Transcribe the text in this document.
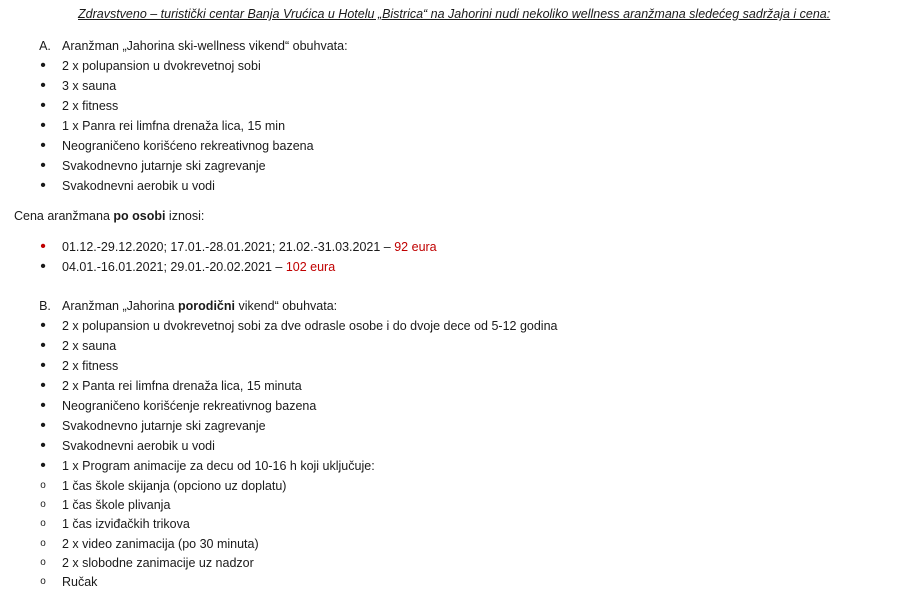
Zdravstveno – turistički centar Banja Vrućica u Hotelu „Bistrica“ na Jahorini nudi nekoliko wellness aranžmana sledećeg sadržaja i cena:
A. Aranžman „Jahorina ski-wellness vikend“ obuhvata:
•	2 x polupansion u dvokrevetnoj sobi
•	3 x sauna
•	2 x fitness
•	1 x Panra rei limfna drenaža lica, 15 min
•	Neograničeno korišćeno rekreativnog bazena
•	Svakodnevno jutarnje ski zagrevanje
•	Svakodnevni aerobik u vodi
Cena aranžmana po osobi iznosi:
•	01.12.-29.12.2020; 17.01.-28.01.2021; 21.02.-31.03.2021 – 92 eura
•	04.01.-16.01.2021; 29.01.-20.02.2021 – 102 eura
B. Aranžman „Jahorina porodični vikend“ obuhvata:
•	2 x polupansion u dvokrevetnoj sobi za dve odrasle osobe i do dvoje dece od 5-12 godina
•	2 x sauna
•	2 x fitness
•	2 x Panta rei limfna drenaža lica, 15 minuta
•	Neograničeno korišćenje rekreativnog bazena
•	Svakodnevno jutarnje ski zagrevanje
•	Svakodnevni aerobik u vodi
•	1 x Program animacije za decu od 10-16 h koji uključuje:
o	1 čas škole skijanja (opciono uz doplatu)
o	1 čas škole plivanja
o	1 čas izviđačkih trikova
o	2 x video zanimacija (po 30 minuta)
o	2 x slobodne zanimacije uz nadzor
o	Ručak
